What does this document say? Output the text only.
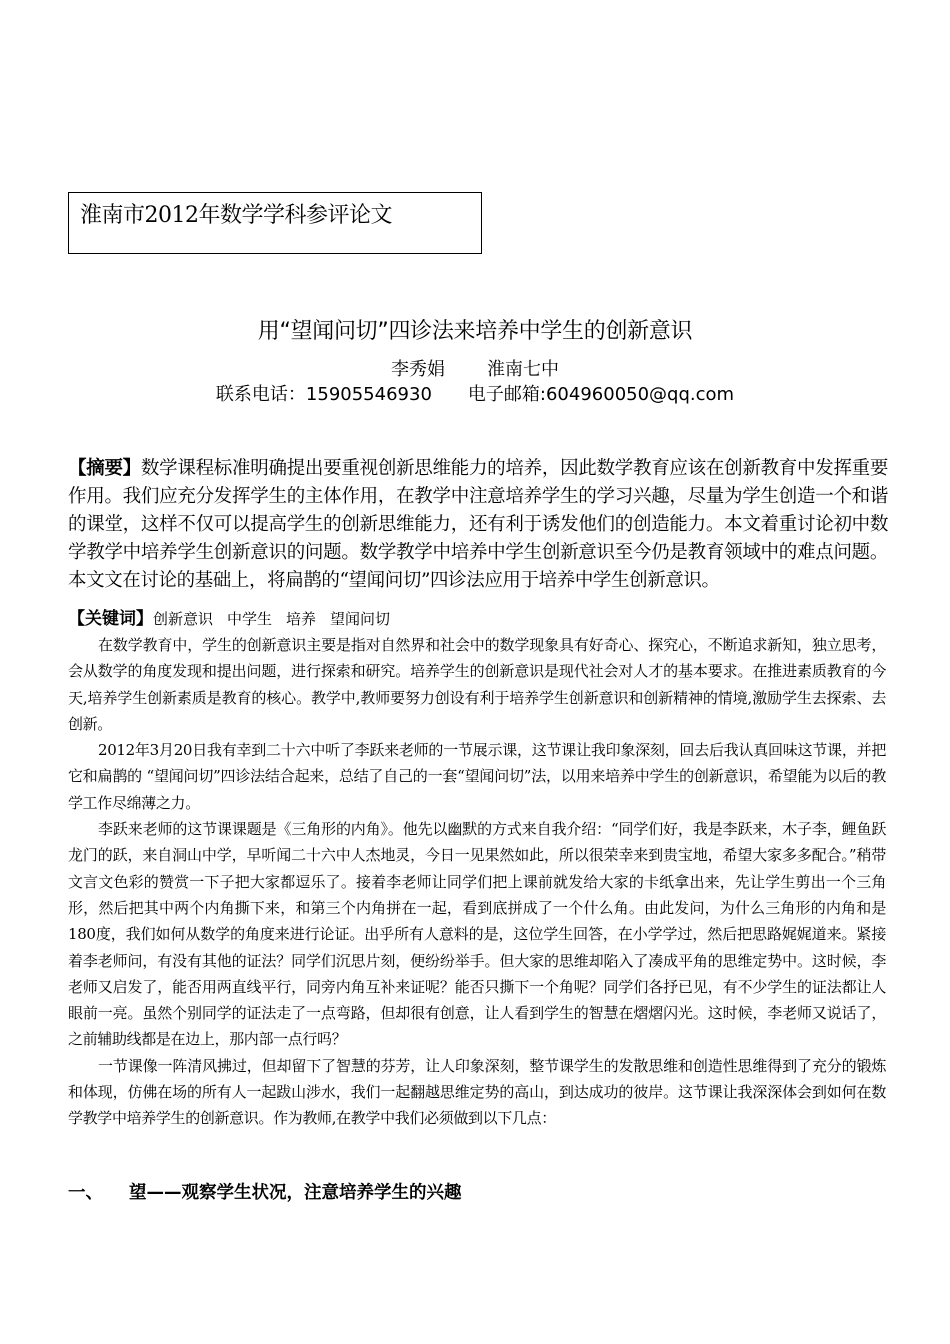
淮南市2012年数学学科参评论文
用“望闻问切”四诊法来培养中学生的创新意识
李秀娟 淮南七中
联系电话：15905546930 电子邮箱:604960050@qq.com
【摘要】数学课程标准明确提出要重视创新思维能力的培养，因此数学教育应该在创新教育中发挥重要作用。我们应充分发挥学生的主体作用，在教学中注意培养学生的学习兴趣，尽量为学生创造一个和谐的课堂，这样不仅可以提高学生的创新思维能力，还有利于诱发他们的创造能力。本文着重讨论初中数学教学中培养学生创新意识的问题。数学教学中培养中学生创新意识至今仍是教育领域中的难点问题。本文文在讨论的基础上，将扁鹊的“望闻问切”四诊法应用于培养中学生创新意识。
【关键词】创新意识 中学生 培养 望闻问切

在数学教育中，学生的创新意识主要是指对自然界和社会中的数学现象具有好奇心、探究心，不断追求新知，独立思考，会从数学的角度发现和提出问题，进行探索和研究。培养学生的创新意识是现代社会对人才的基本要求。在推进素质教育的今天,培养学生创新素质是教育的核心。教学中,教师要努力创设有利于培养学生创新意识和创新精神的情境,激励学生去探索、去创新。

2012年3月20日我有幸到二十六中听了李跃来老师的一节展示课，这节课让我印象深刻，回去后我认真回味这节课，并把它和扁鹊的 “望闻问切”四诊法结合起来，总结了自己的一套“望闻问切”法，以用来培养中学生的创新意识，希望能为以后的教学工作尽绵薄之力。

李跃来老师的这节课课题是《三角形的内角》。他先以幽默的方式来自我介绍：“同学们好，我是李跃来，木子李，鲤鱼跃龙门的跃，来自洞山中学，早听闻二十六中人杰地灵，今日一见果然如此，所以很荣幸来到贵宝地，希望大家多多配合。”稍带文言文色彩的赞赏一下子把大家都逗乐了。接着李老师让同学们把上课前就发给大家的卡纸拿出来，先让学生剪出一个三角形，然后把其中两个内角撕下来，和第三个内角拼在一起，看到底拼成了一个什么角。由此发问，为什么三角形的内角和是180度，我们如何从数学的角度来进行论证。出乎所有人意料的是，这位学生回答，在小学学过，然后把思路娓娓道来。紧接着李老师问，有没有其他的证法？同学们沉思片刻，便纷纷举手。但大家的思维却陷入了凑成平角的思维定势中。这时候，李老师又启发了，能否用两直线平行，同旁内角互补来证呢？能否只撕下一个角呢？同学们各抒已见，有不少学生的证法都让人眼前一亮。虽然个别同学的证法走了一点弯路，但却很有创意，让人看到学生的智慧在熠熠闪光。这时候，李老师又说话了，之前辅助线都是在边上，那内部一点行吗？

一节课像一阵清风拂过，但却留下了智慧的芬芳，让人印象深刻，整节课学生的发散思维和创造性思维得到了充分的锻炼和体现，仿佛在场的所有人一起跋山涉水，我们一起翻越思维定势的高山，到达成功的彼岸。这节课让我深深体会到如何在数学教学中培养学生的创新意识。作为教师,在教学中我们必须做到以下几点：

一、 望——观察学生状况，注意培养学生的兴趣
